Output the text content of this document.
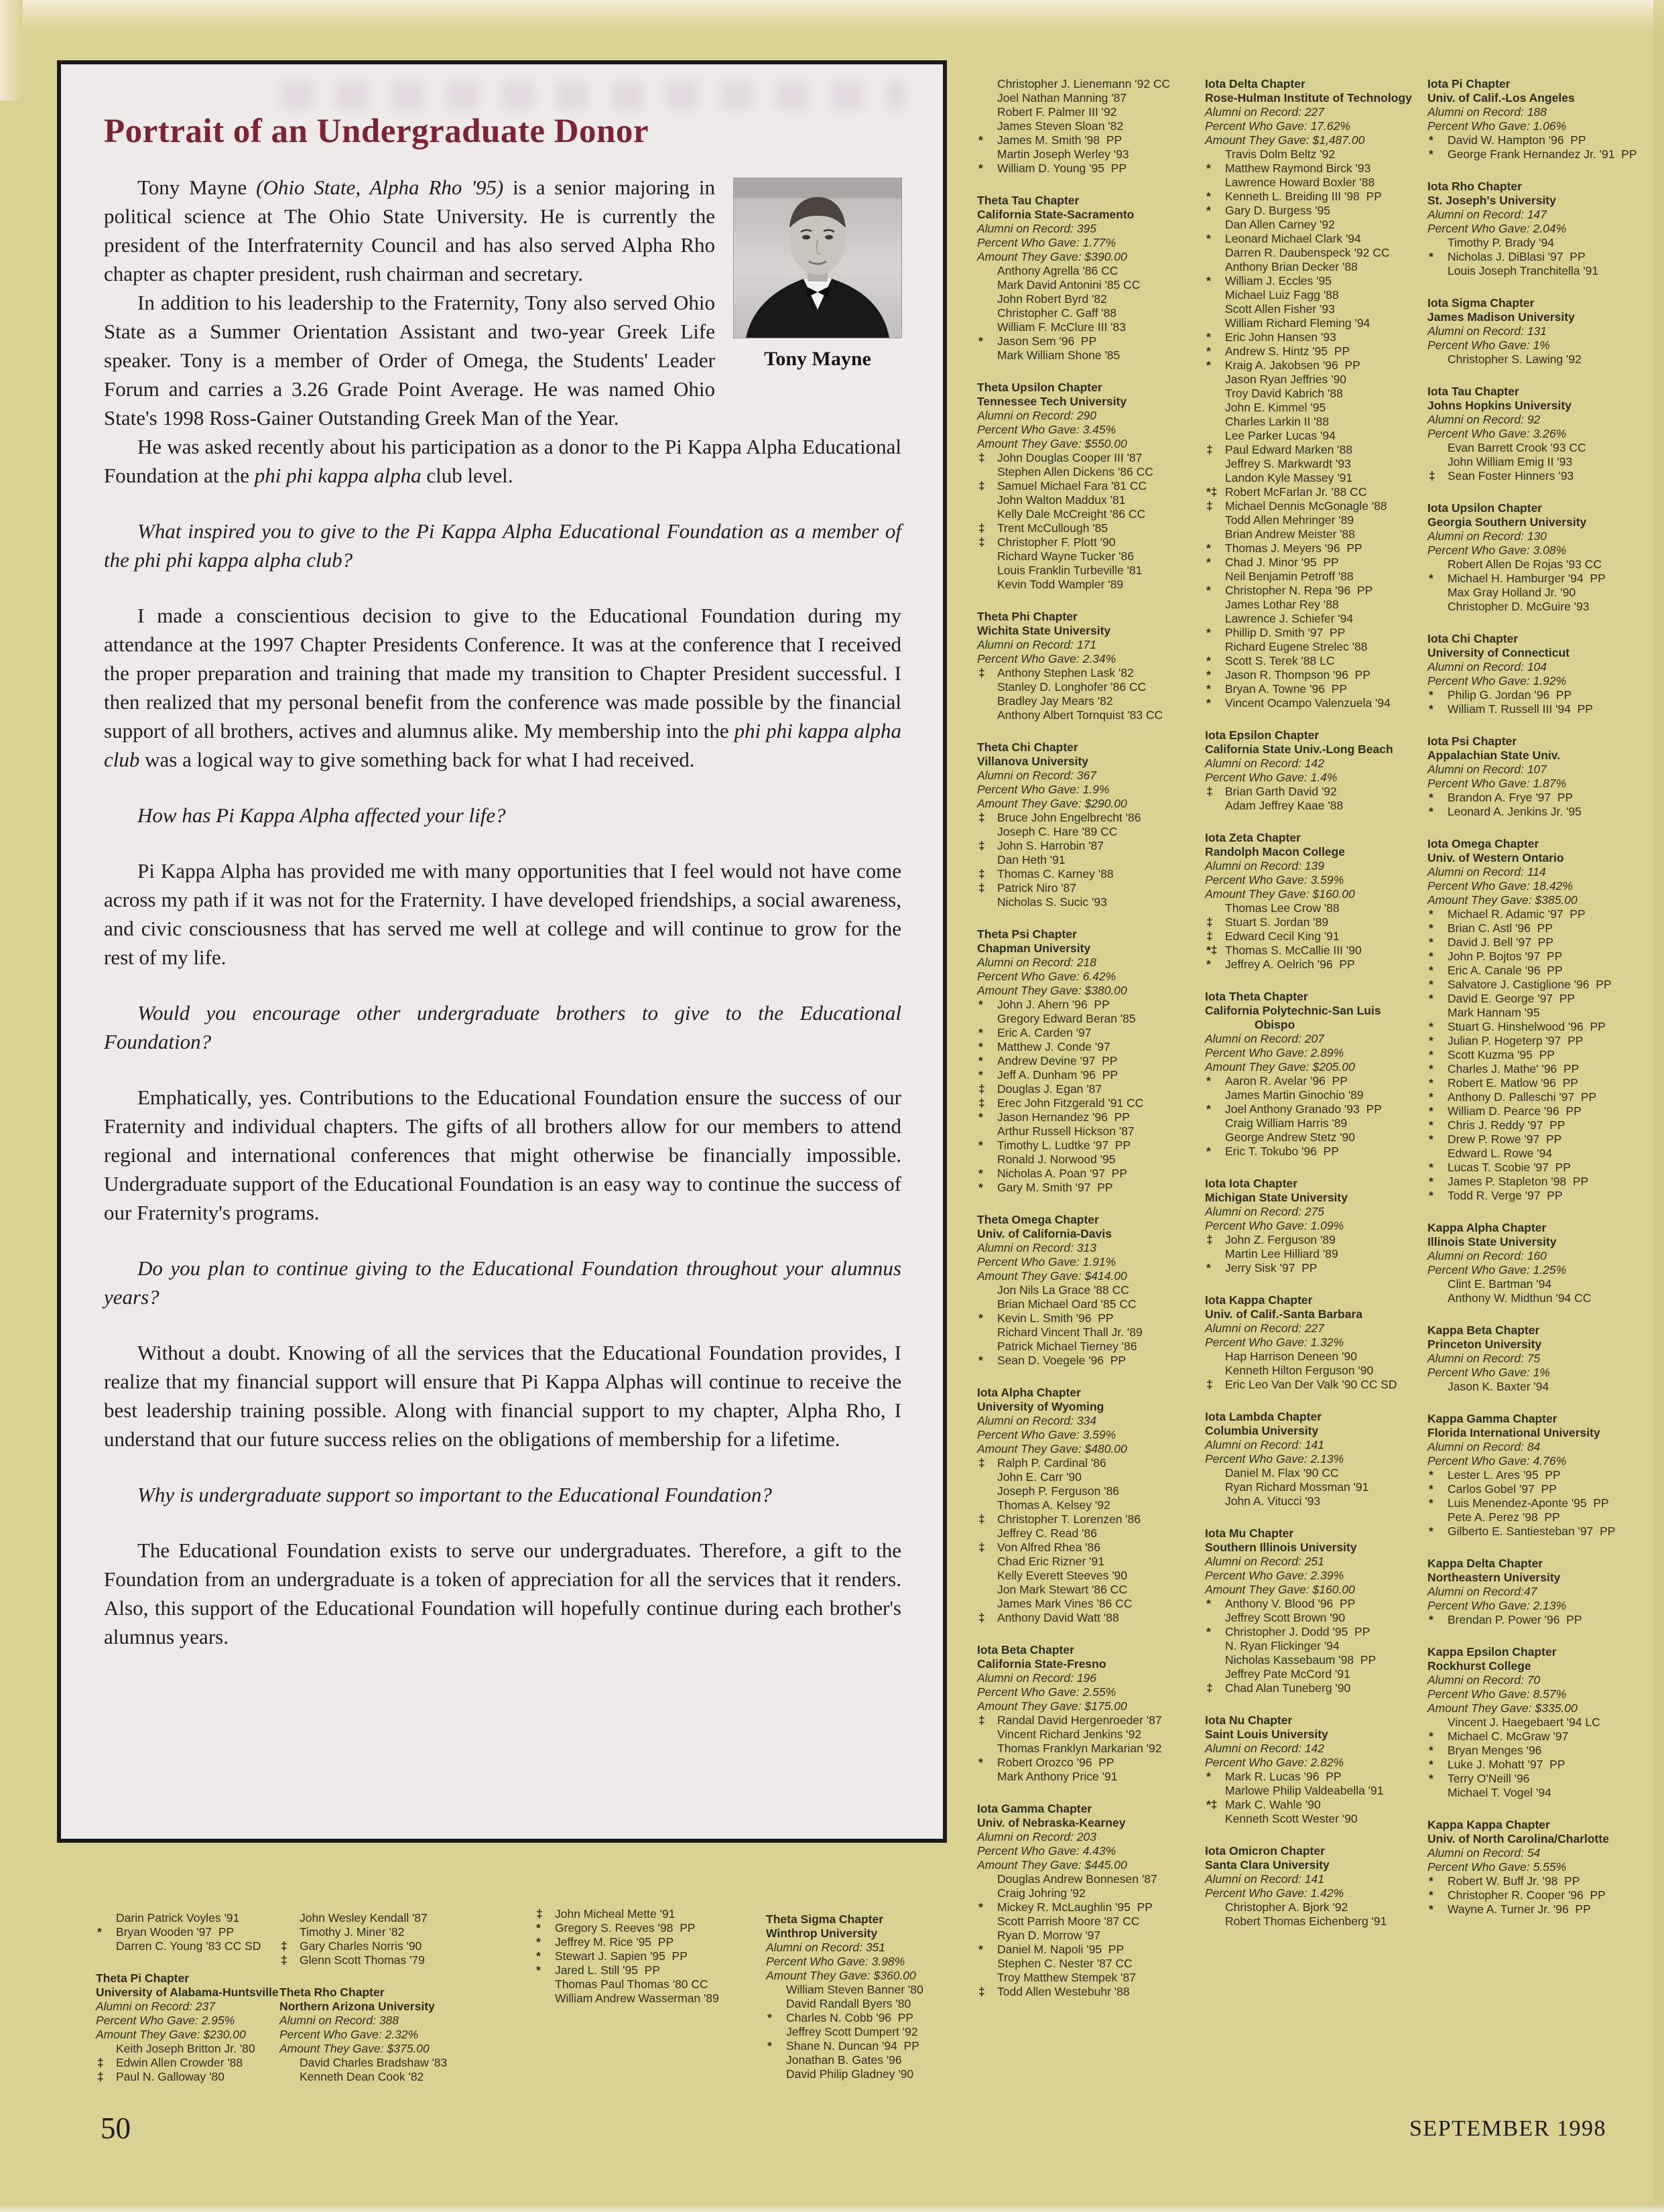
Portrait of an Undergraduate Donor
Tony Mayne

Tony Mayne (Ohio State, Alpha Rho '95) is a senior majoring in political science at The Ohio State University. He is currently the president of the Interfraternity Council and has also served Alpha Rho chapter as chapter president, rush chairman and secretary.

In addition to his leadership to the Fraternity, Tony also served Ohio State as a Summer Orientation Assistant and two-year Greek Life speaker. Tony is a member of Order of Omega, the Students' Leader Forum and carries a 3.26 Grade Point Average. He was named Ohio State's 1998 Ross-Gainer Outstanding Greek Man of the Year.

He was asked recently about his participation as a donor to the Pi Kappa Alpha Educational Foundation at the phi phi kappa alpha club level.

What inspired you to give to the Pi Kappa Alpha Educational Foundation as a member of the phi phi kappa alpha club?

I made a conscientious decision to give to the Educational Foundation during my attendance at the 1997 Chapter Presidents Conference. It was at the conference that I received the proper preparation and training that made my transition to Chapter President successful. I then realized that my personal benefit from the conference was made possible by the financial support of all brothers, actives and alumnus alike. My membership into the phi phi kappa alpha club was a logical way to give something back for what I had received.

How has Pi Kappa Alpha affected your life?

Pi Kappa Alpha has provided me with many opportunities that I feel would not have come across my path if it was not for the Fraternity. I have developed friendships, a social awareness, and civic consciousness that has served me well at college and will continue to grow for the rest of my life.

Would you encourage other undergraduate brothers to give to the Educational Foundation?

Emphatically, yes. Contributions to the Educational Foundation ensure the success of our Fraternity and individual chapters. The gifts of all brothers allow for our members to attend regional and international conferences that might otherwise be financially impossible. Undergraduate support of the Educational Foundation is an easy way to continue the success of our Fraternity's programs.

Do you plan to continue giving to the Educational Foundation throughout your alumnus years?

Without a doubt. Knowing of all the services that the Educational Foundation provides, I realize that my financial support will ensure that Pi Kappa Alphas will continue to receive the best leadership training possible. Along with financial support to my chapter, Alpha Rho, I understand that our future success relies on the obligations of membership for a lifetime.

Why is undergraduate support so important to the Educational Foundation?

The Educational Foundation exists to serve our undergraduates. Therefore, a gift to the Foundation from an undergraduate is a token of appreciation for all the services that it renders. Also, this support of the Educational Foundation will hopefully continue during each brother's alumnus years.

Christopher J. Lienemann '92 CC
Joel Nathan Manning '87
Robert F. Palmer III '92
James Steven Sloan '82
*	James M. Smith '98  PP
Martin Joseph Werley '93
*	William D. Young '95  PP
Theta Tau Chapter
California State-Sacramento
Alumni on Record: 395
Percent Who Gave: 1.77%
Amount They Gave: $390.00
Anthony Agrella '86 CC
Mark David Antonini '85 CC
John Robert Byrd '82
Christopher C. Gaff '88
William F. McClure III '83
*	Jason Sem '96  PP
Mark William Shone '85
Theta Upsilon Chapter
Tennessee Tech University
Alumni on Record: 290
Percent Who Gave: 3.45%
Amount They Gave: $550.00
‡	John Douglas Cooper III '87
Stephen Allen Dickens '86 CC
‡	Samuel Michael Fara '81 CC
John Walton Maddux '81
Kelly Dale McCreight '86 CC
‡	Trent McCullough '85
‡	Christopher F. Plott '90
Richard Wayne Tucker '86
Louis Franklin Turbeville '81
Kevin Todd Wampler '89
Theta Phi Chapter
Wichita State University
Alumni on Record: 171
Percent Who Gave: 2.34%
‡	Anthony Stephen Lask '82
Stanley D. Longhofer '86 CC
Bradley Jay Mears '82
Anthony Albert Tornquist '83 CC
Theta Chi Chapter
Villanova University
Alumni on Record: 367
Percent Who Gave: 1.9%
Amount They Gave: $290.00
‡	Bruce John Engelbrecht '86
Joseph C. Hare '89 CC
‡	John S. Harrobin '87
Dan Heth '91
‡	Thomas C. Karney '88
‡	Patrick Niro '87
Nicholas S. Sucic '93
Theta Psi Chapter
Chapman University
Alumni on Record: 218
Percent Who Gave: 6.42%
Amount They Gave: $380.00
*	John J. Ahern '96  PP
Gregory Edward Beran '85
*	Eric A. Carden '97
*	Matthew J. Conde '97
*	Andrew Devine '97  PP
*	Jeff A. Dunham '96  PP
‡	Douglas J. Egan '87
‡	Erec John Fitzgerald '91 CC
*	Jason Hernandez '96  PP
Arthur Russell Hickson '87
*	Timothy L. Ludtke '97  PP
Ronald J. Norwood '95
*	Nicholas A. Poan '97  PP
*	Gary M. Smith '97  PP
Theta Omega Chapter
Univ. of California-Davis
Alumni on Record: 313
Percent Who Gave: 1.91%
Amount They Gave: $414.00
Jon Nils La Grace '88 CC
Brian Michael Oard '85 CC
*	Kevin L. Smith '96  PP
Richard Vincent Thall Jr. '89
Patrick Michael Tierney '86
*	Sean D. Voegele '96  PP
Iota Alpha Chapter
University of Wyoming
Alumni on Record: 334
Percent Who Gave: 3.59%
Amount They Gave: $480.00
‡	Ralph P. Cardinal '86
John E. Carr '90
Joseph P. Ferguson '86
Thomas A. Kelsey '92
‡	Christopher T. Lorenzen '86
Jeffrey C. Read '86
‡	Von Alfred Rhea '86
Chad Eric Rizner '91
Kelly Everett Steeves '90
Jon Mark Stewart '86 CC
James Mark Vines '86 CC
‡	Anthony David Watt '88
Iota Beta Chapter
California State-Fresno
Alumni on Record: 196
Percent Who Gave: 2.55%
Amount They Gave: $175.00
‡	Randal David Hergenroeder '87
Vincent Richard Jenkins '92
Thomas Franklyn Markarian '92
*	Robert Orozco '96  PP
Mark Anthony Price '91
Iota Gamma Chapter
Univ. of Nebraska-Kearney
Alumni on Record: 203
Percent Who Gave: 4.43%
Amount They Gave: $445.00
Douglas Andrew Bonnesen '87
Craig Johring '92
*	Mickey R. McLaughlin '95  PP
Scott Parrish Moore '87 CC
Ryan D. Morrow '97
*	Daniel M. Napoli '95  PP
Stephen C. Nester '87 CC
Troy Matthew Stempek '87
‡	Todd Allen Westebuhr '88
Iota Delta Chapter
Rose-Hulman Institute of Technology
Alumni on Record: 227
Percent Who Gave: 17.62%
Amount They Gave: $1,487.00
Travis Dolm Beltz '92
*	Matthew Raymond Birck '93
Lawrence Howard Boxler '88
*	Kenneth L. Breiding III '98  PP
*	Gary D. Burgess '95
Dan Allen Carney '92
*	Leonard Michael Clark '94
Darren R. Daubenspeck '92 CC
Anthony Brian Decker '88
*	William J. Eccles '95
Michael Luiz Fagg '88
Scott Allen Fisher '93
William Richard Fleming '94
*	Eric John Hansen '93
*	Andrew S. Hintz '95  PP
*	Kraig A. Jakobsen '96  PP
Jason Ryan Jeffries '90
Troy David Kabrich '88
John E. Kimmel '95
Charles Larkin II '88
Lee Parker Lucas '94
‡	Paul Edward Marken '88
Jeffrey S. Markwardt '93
Landon Kyle Massey '91
*‡ Robert McFarlan Jr. '88 CC
‡	Michael Dennis McGonagle '88
Todd Allen Mehringer '89
Brian Andrew Meister '88
*	Thomas J. Meyers '96  PP
*	Chad J. Minor '95  PP
Neil Benjamin Petroff '88
*	Christopher N. Repa '96  PP
James Lothar Rey '88
Lawrence J. Schiefer '94
*	Phillip D. Smith '97  PP
Richard Eugene Strelec '88
*	Scott S. Terek '88 LC
*	Jason R. Thompson '96  PP
*	Bryan A. Towne '96  PP
*	Vincent Ocampo Valenzuela '94
Iota Epsilon Chapter
California State Univ.-Long Beach
Alumni on Record: 142
Percent Who Gave: 1.4%
‡	Brian Garth David '92
Adam Jeffrey Kaae '88
Iota Zeta Chapter
Randolph Macon College
Alumni on Record: 139
Percent Who Gave: 3.59%
Amount They Gave: $160.00
Thomas Lee Crow '88
‡	Stuart S. Jordan '89
‡	Edward Cecil King '91
*‡ Thomas S. McCallie III '90
*	Jeffrey A. Oelrich '96  PP
Iota Theta Chapter
California Polytechnic-San Luis Obispo
Alumni on Record: 207
Percent Who Gave: 2.89%
Amount They Gave: $205.00
*	Aaron R. Avelar '96  PP
James Martin Ginochio '89
*	Joel Anthony Granado '93  PP
Craig William Harris '89
George Andrew Stetz '90
*	Eric T. Tokubo '96  PP
Iota Iota Chapter
Michigan State University
Alumni on Record: 275
Percent Who Gave: 1.09%
‡	John Z. Ferguson '89
Martin Lee Hilliard '89
*	Jerry Sisk '97  PP
Iota Kappa Chapter
Univ. of Calif.-Santa Barbara
Alumni on Record: 227
Percent Who Gave: 1.32%
Hap Harrison Deneen '90
Kenneth Hilton Ferguson '90
‡	Eric Leo Van Der Valk '90 CC SD
Iota Lambda Chapter
Columbia University
Alumni on Record: 141
Percent Who Gave: 2.13%
Daniel M. Flax '90 CC
Ryan Richard Mossman '91
John A. Vitucci '93
Iota Mu Chapter
Southern Illinois University
Alumni on Record: 251
Percent Who Gave: 2.39%
Amount They Gave: $160.00
*	Anthony V. Blood '96  PP
Jeffrey Scott Brown '90
*	Christopher J. Dodd '95  PP
N. Ryan Flickinger '94
Nicholas Kassebaum '98  PP
Jeffrey Pate McCord '91
‡	Chad Alan Tuneberg '90
Iota Nu Chapter
Saint Louis University
Alumni on Record: 142
Percent Who Gave: 2.82%
*	Mark R. Lucas '96  PP
Marlowe Philip Valdeabella '91
*‡ Mark C. Wahle '90
Kenneth Scott Wester '90
Iota Omicron Chapter
Santa Clara University
Alumni on Record: 141
Percent Who Gave: 1.42%
Christopher A. Bjork '92
Robert Thomas Eichenberg '91
Iota Pi Chapter
Univ. of Calif.-Los Angeles
Alumni on Record: 188
Percent Who Gave: 1.06%
*	David W. Hampton '96  PP
*	George Frank Hernandez Jr. '91  PP
Iota Rho Chapter
St. Joseph's University
Alumni on Record: 147
Percent Who Gave: 2.04%
Timothy P. Brady '94
*	Nicholas J. DiBlasi '97  PP
Louis Joseph Tranchitella '91
Iota Sigma Chapter
James Madison University
Alumni on Record: 131
Percent Who Gave: 1%
Christopher S. Lawing '92
Iota Tau Chapter
Johns Hopkins University
Alumni on Record: 92
Percent Who Gave: 3.26%
Evan Barrett Crook '93 CC
John William Emig II '93
‡	Sean Foster Hinners '93
Iota Upsilon Chapter
Georgia Southern University
Alumni on Record: 130
Percent Who Gave: 3.08%
Robert Allen De Rojas '93 CC
*	Michael H. Hamburger '94  PP
Max Gray Holland Jr. '90
Christopher D. McGuire '93
Iota Chi Chapter
University of Connecticut
Alumni on Record: 104
Percent Who Gave: 1.92%
*	Philip G. Jordan '96  PP
*	William T. Russell III '94  PP
Iota Psi Chapter
Appalachian State Univ.
Alumni on Record: 107
Percent Who Gave: 1.87%
*	Brandon A. Frye '97  PP
*	Leonard A. Jenkins Jr. '95
Iota Omega Chapter
Univ. of Western Ontario
Alumni on Record: 114
Percent Who Gave: 18.42%
Amount They Gave: $385.00
*	Michael R. Adamic '97  PP
*	Brian C. Astl '96  PP
*	David J. Bell '97  PP
*	John P. Bojtos '97  PP
*	Eric A. Canale '96  PP
*	Salvatore J. Castiglione '96  PP
*	David E. George '97  PP
Mark Hannam '95
*	Stuart G. Hinshelwood '96  PP
*	Julian P. Hogeterp '97  PP
*	Scott Kuzma '95  PP
*	Charles J. Mathe' '96  PP
*	Robert E. Matlow '96  PP
*	Anthony D. Palleschi '97  PP
*	William D. Pearce '96  PP
*	Chris J. Reddy '97  PP
*	Drew P. Rowe '97  PP
Edward L. Rowe '94
*	Lucas T. Scobie '97  PP
*	James P. Stapleton '98  PP
*	Todd R. Verge '97  PP
Kappa Alpha Chapter
Illinois State University
Alumni on Record: 160
Percent Who Gave: 1.25%
Clint E. Bartman '94
Anthony W. Midthun '94 CC
Kappa Beta Chapter
Princeton University
Alumni on Record: 75
Percent Who Gave: 1%
Jason K. Baxter '94
Kappa Gamma Chapter
Florida International University
Alumni on Record: 84
Percent Who Gave: 4.76%
*	Lester L. Ares '95  PP
*	Carlos Gobel '97  PP
*	Luis Menendez-Aponte '95  PP
Pete A. Perez '98  PP
*	Gilberto E. Santiesteban '97  PP
Kappa Delta Chapter
Northeastern University
Alumni on Record:47
Percent Who Gave: 2.13%
*	Brendan P. Power '96  PP
Kappa Epsilon Chapter
Rockhurst College
Alumni on Record: 70
Percent Who Gave: 8.57%
Amount They Gave: $335.00
Vincent J. Haegebaert '94 LC
*	Michael C. McGraw '97
*	Bryan Menges '96
*	Luke J. Mohatt '97  PP
*	Terry O'Neill '96
Michael T. Vogel '94
Kappa Kappa Chapter
Univ. of North Carolina/Charlotte
Alumni on Record: 54
Percent Who Gave: 5.55%
*	Robert W. Buff Jr. '98  PP
*	Christopher R. Cooper '96  PP
*	Wayne A. Turner Jr. '96  PP
Darin Patrick Voyles '91
*	Bryan Wooden '97  PP
Darren C. Young '83 CC SD
Theta Pi Chapter
University of Alabama-Huntsville
Alumni on Record: 237
Percent Who Gave: 2.95%
Amount They Gave: $230.00
Keith Joseph Britton Jr. '80
‡	Edwin Allen Crowder '88
‡	Paul N. Galloway '80
John Wesley Kendall '87
Timothy J. Miner '82
‡	Gary Charles Norris '90
‡	Glenn Scott Thomas '79
Theta Rho Chapter
Northern Arizona University
Alumni on Record: 388
Percent Who Gave: 2.32%
Amount They Gave: $375.00
David Charles Bradshaw '83
Kenneth Dean Cook '82
‡	John Micheal Mette '91
*	Gregory S. Reeves '98  PP
*	Jeffrey M. Rice '95  PP
*	Stewart J. Sapien '95  PP
*	Jared L. Still '95  PP
Thomas Paul Thomas '80 CC
William Andrew Wasserman '89
Theta Sigma Chapter
Winthrop University
Alumni on Record: 351
Percent Who Gave: 3.98%
Amount They Gave: $360.00
William Steven Banner '80
David Randall Byers '80
*	Charles N. Cobb '96  PP
Jeffrey Scott Dumpert '92
*	Shane N. Duncan '94  PP
Jonathan B. Gates '96
David Philip Gladney '90
50	SEPTEMBER 1998
